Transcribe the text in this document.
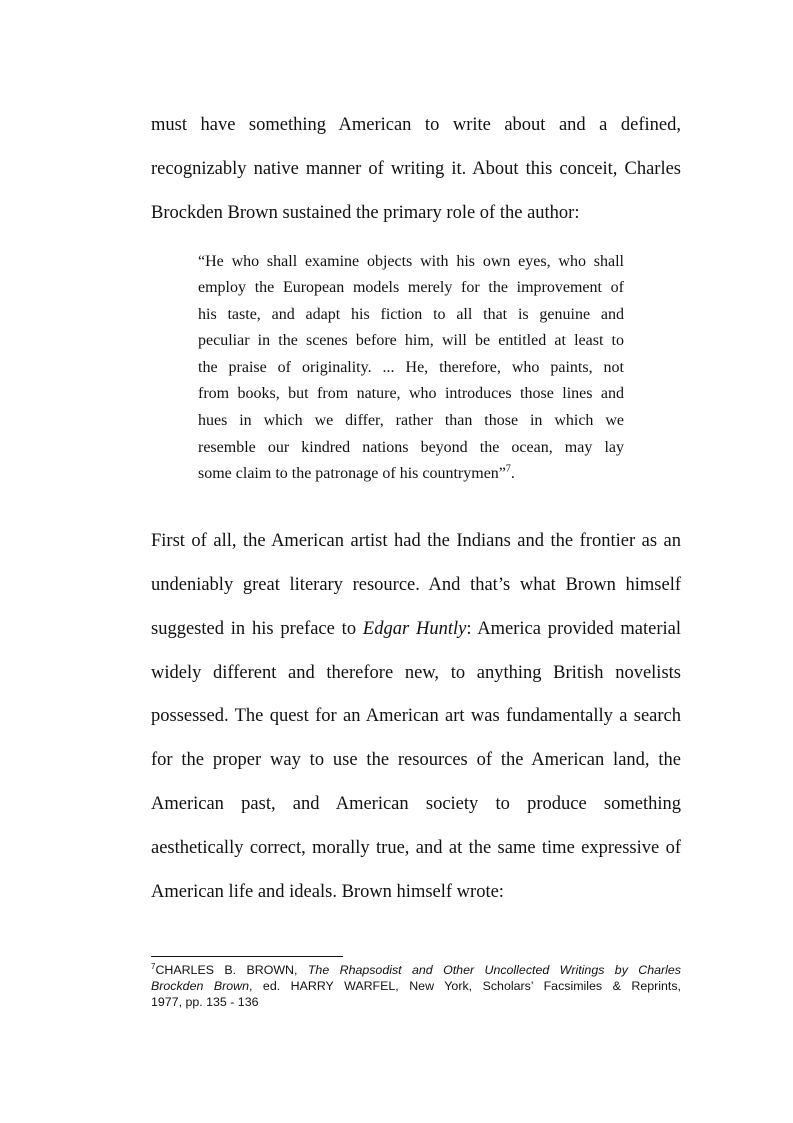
must have something American to write about and a defined,
recognizably native manner of writing it. About this conceit, Charles
Brockden Brown sustained the primary role of the author:
“He who shall examine objects with his own eyes, who shall
employ the European models merely for the improvement of
his taste, and adapt his fiction to all that is genuine and
peculiar in the scenes before him, will be entitled at least to
the praise of originality. ... He, therefore, who paints, not
from books, but from nature, who introduces those lines and
hues in which we differ, rather than those in which we
resemble our kindred nations beyond the ocean, may lay
some claim to the patronage of his countrymen”$^7$.
First of all, the American artist had the Indians and the frontier as an
undeniably great literary resource. And that’s what Brown himself
suggested in his preface to Edgar Huntly: America provided material
widely different and therefore new, to anything British novelists
possessed. The quest for an American art was fundamentally a search
for the proper way to use the resources of the American land, the
American past, and American society to produce something
aesthetically correct, morally true, and at the same time expressive of
American life and ideals. Brown himself wrote:
$^7$CHARLES B. BROWN, The Rhapsodist and Other Uncollected Writings by Charles
Brockden Brown, ed. HARRY WARFEL, New York, Scholars’ Facsimiles & Reprints,
1977, pp. 135 - 136
